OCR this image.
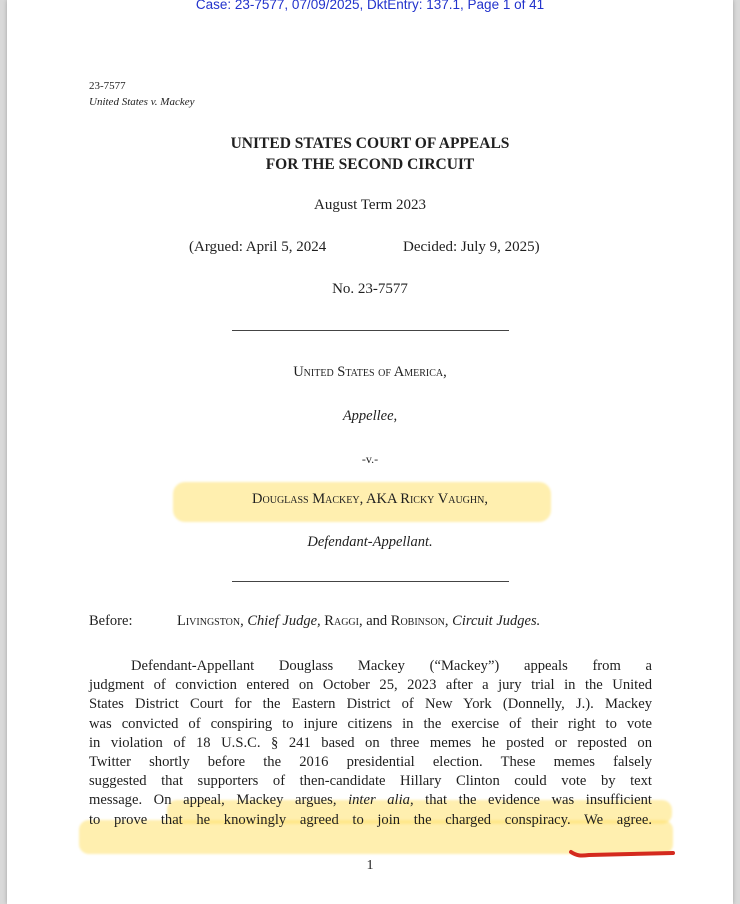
Case: 23-7577, 07/09/2025, DktEntry: 137.1, Page 1 of 41
23-7577
United States v. Mackey
UNITED STATES COURT OF APPEALS
FOR THE SECOND CIRCUIT
August Term 2023
(Argued: April 5, 2024	Decided: July 9, 2025)
No. 23-7577
United States of America,
Appellee,
-v.-
Douglass Mackey, AKA Ricky Vaughn,
Defendant-Appellant.
Before:	Livingston, Chief Judge, Raggi, and Robinson, Circuit Judges.
Defendant-Appellant Douglass Mackey (“Mackey”) appeals from a
judgment of conviction entered on October 25, 2023 after a jury trial in the United
States District Court for the Eastern District of New York (Donnelly, J.). Mackey
was convicted of conspiring to injure citizens in the exercise of their right to vote
in violation of 18 U.S.C. § 241 based on three memes he posted or reposted on
Twitter shortly before the 2016 presidential election. These memes falsely
suggested that supporters of then-candidate Hillary Clinton could vote by text
message. On appeal, Mackey argues, inter alia, that the evidence was insufficient
to prove that he knowingly agreed to join the charged conspiracy. We agree.
1
